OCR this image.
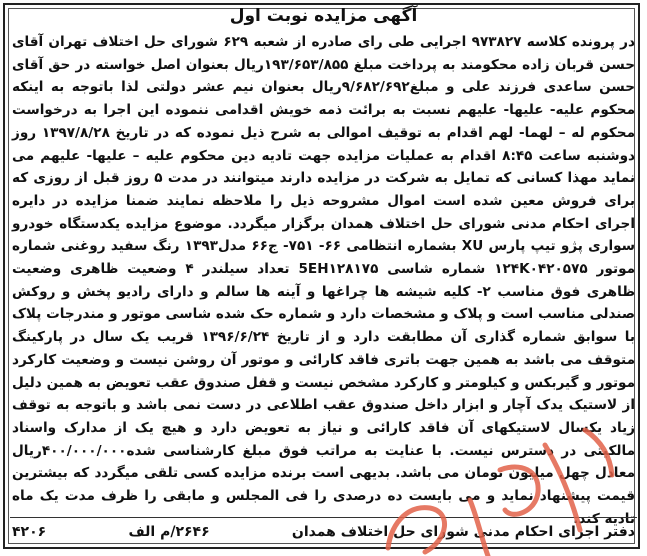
آگهی مزایده نوبت اول
در پرونده کلاسه ۹۷۳۸۲۷ اجرایی طی رای صادره از شعبه ۶۲۹ شورای حل اختلاف تهران آقای حسن قربان زاده محکومند به پرداخت مبلغ ۱۹۳/۶۵۳/۸۵۵ریال بعنوان اصل خواسته در حق آقای حسن ساعدی فرزند علی و مبلغ۹/۶۸۲/۶۹۲ریال بعنوان نیم عشر دولتی لذا باتوجه به اینکه محکوم علیه- علیها- علیهم نسبت به برائت ذمه خویش اقدامی ننموده این اجرا به درخواست محکوم له – لهما- لهم اقدام به توقیف اموالی به شرح ذیل نموده که در تاریخ ۱۳۹۷/۸/۲۸ روز دوشنبه ساعت ۸:۴۵ اقدام به عملیات مزایده جهت تادیه دین محکوم علیه – علیها- علیهم می نماید مهذا کسانی که تمایل به شرکت در مزایده دارند میتوانند در مدت ۵ روز قبل از روزی که برای فروش معین شده است اموال مشروحه ذیل را ملاحظه نمایند ضمنا مزایده در دایره اجرای احکام مدنی شورای حل اختلاف همدان برگزار میگردد. موضوع مزایده یکدستگاه خودرو سواری پژو تیپ پارس XU بشماره انتظامی ۶۶- ۷۵۱- ج۶۶ مدل۱۳۹۳ رنگ سفید روغنی شماره موتور ۱۲۴K۰۴۲۰۵۷۵ شماره شاسی 5EH۱۲۸۱۷۵ تعداد سیلندر ۴ وضعیت ظاهری وضعیت ظاهری فوق مناسب ۲- کلیه شیشه ها چراغها و آینه ها سالم و دارای رادیو پخش و روکش صندلی مناسب است و پلاک و مشخصات دارد و شماره حک شده شاسی موتور و مندرجات پلاک با سوابق شماره گذاری آن مطابقت دارد و از تاریخ ۱۳۹۶/۶/۲۴ قریب یک سال در پارکینگ متوقف می باشد به همین جهت باتری فاقد کارائی و موتور آن روشن نیست و وضعیت کارکرد موتور و گیربکس و کیلومتر و کارکرد مشخص نیست و قفل صندوق عقب تعویض به همین دلیل از لاستیک یدک آچار و ابزار داخل صندوق عقب اطلاعی در دست نمی باشد و باتوجه به توقف زیاد یکسال لاستیکهای آن فاقد کارائی و نیاز به تعویض دارد و هیچ یک از مدارک واسناد مالکیتی در دسترس نیست. با عنایت به مراتب فوق مبلغ کارشناسی شده۴۰۰/۰۰۰/۰۰۰ریال معادل چهل میلیون تومان می باشد. بدیهی است برنده مزایده کسی تلقی میگردد که بیشترین قیمت پیشنهاد نماید و می بایست ده درصدی را فی المجلس و مابقی را ظرف مدت یک ماه تادیه کند.
دفتر اجرای احکام مدنی شورای حل اختلاف همدان
۲۶۴۶/م الف
۴۲۰۶
